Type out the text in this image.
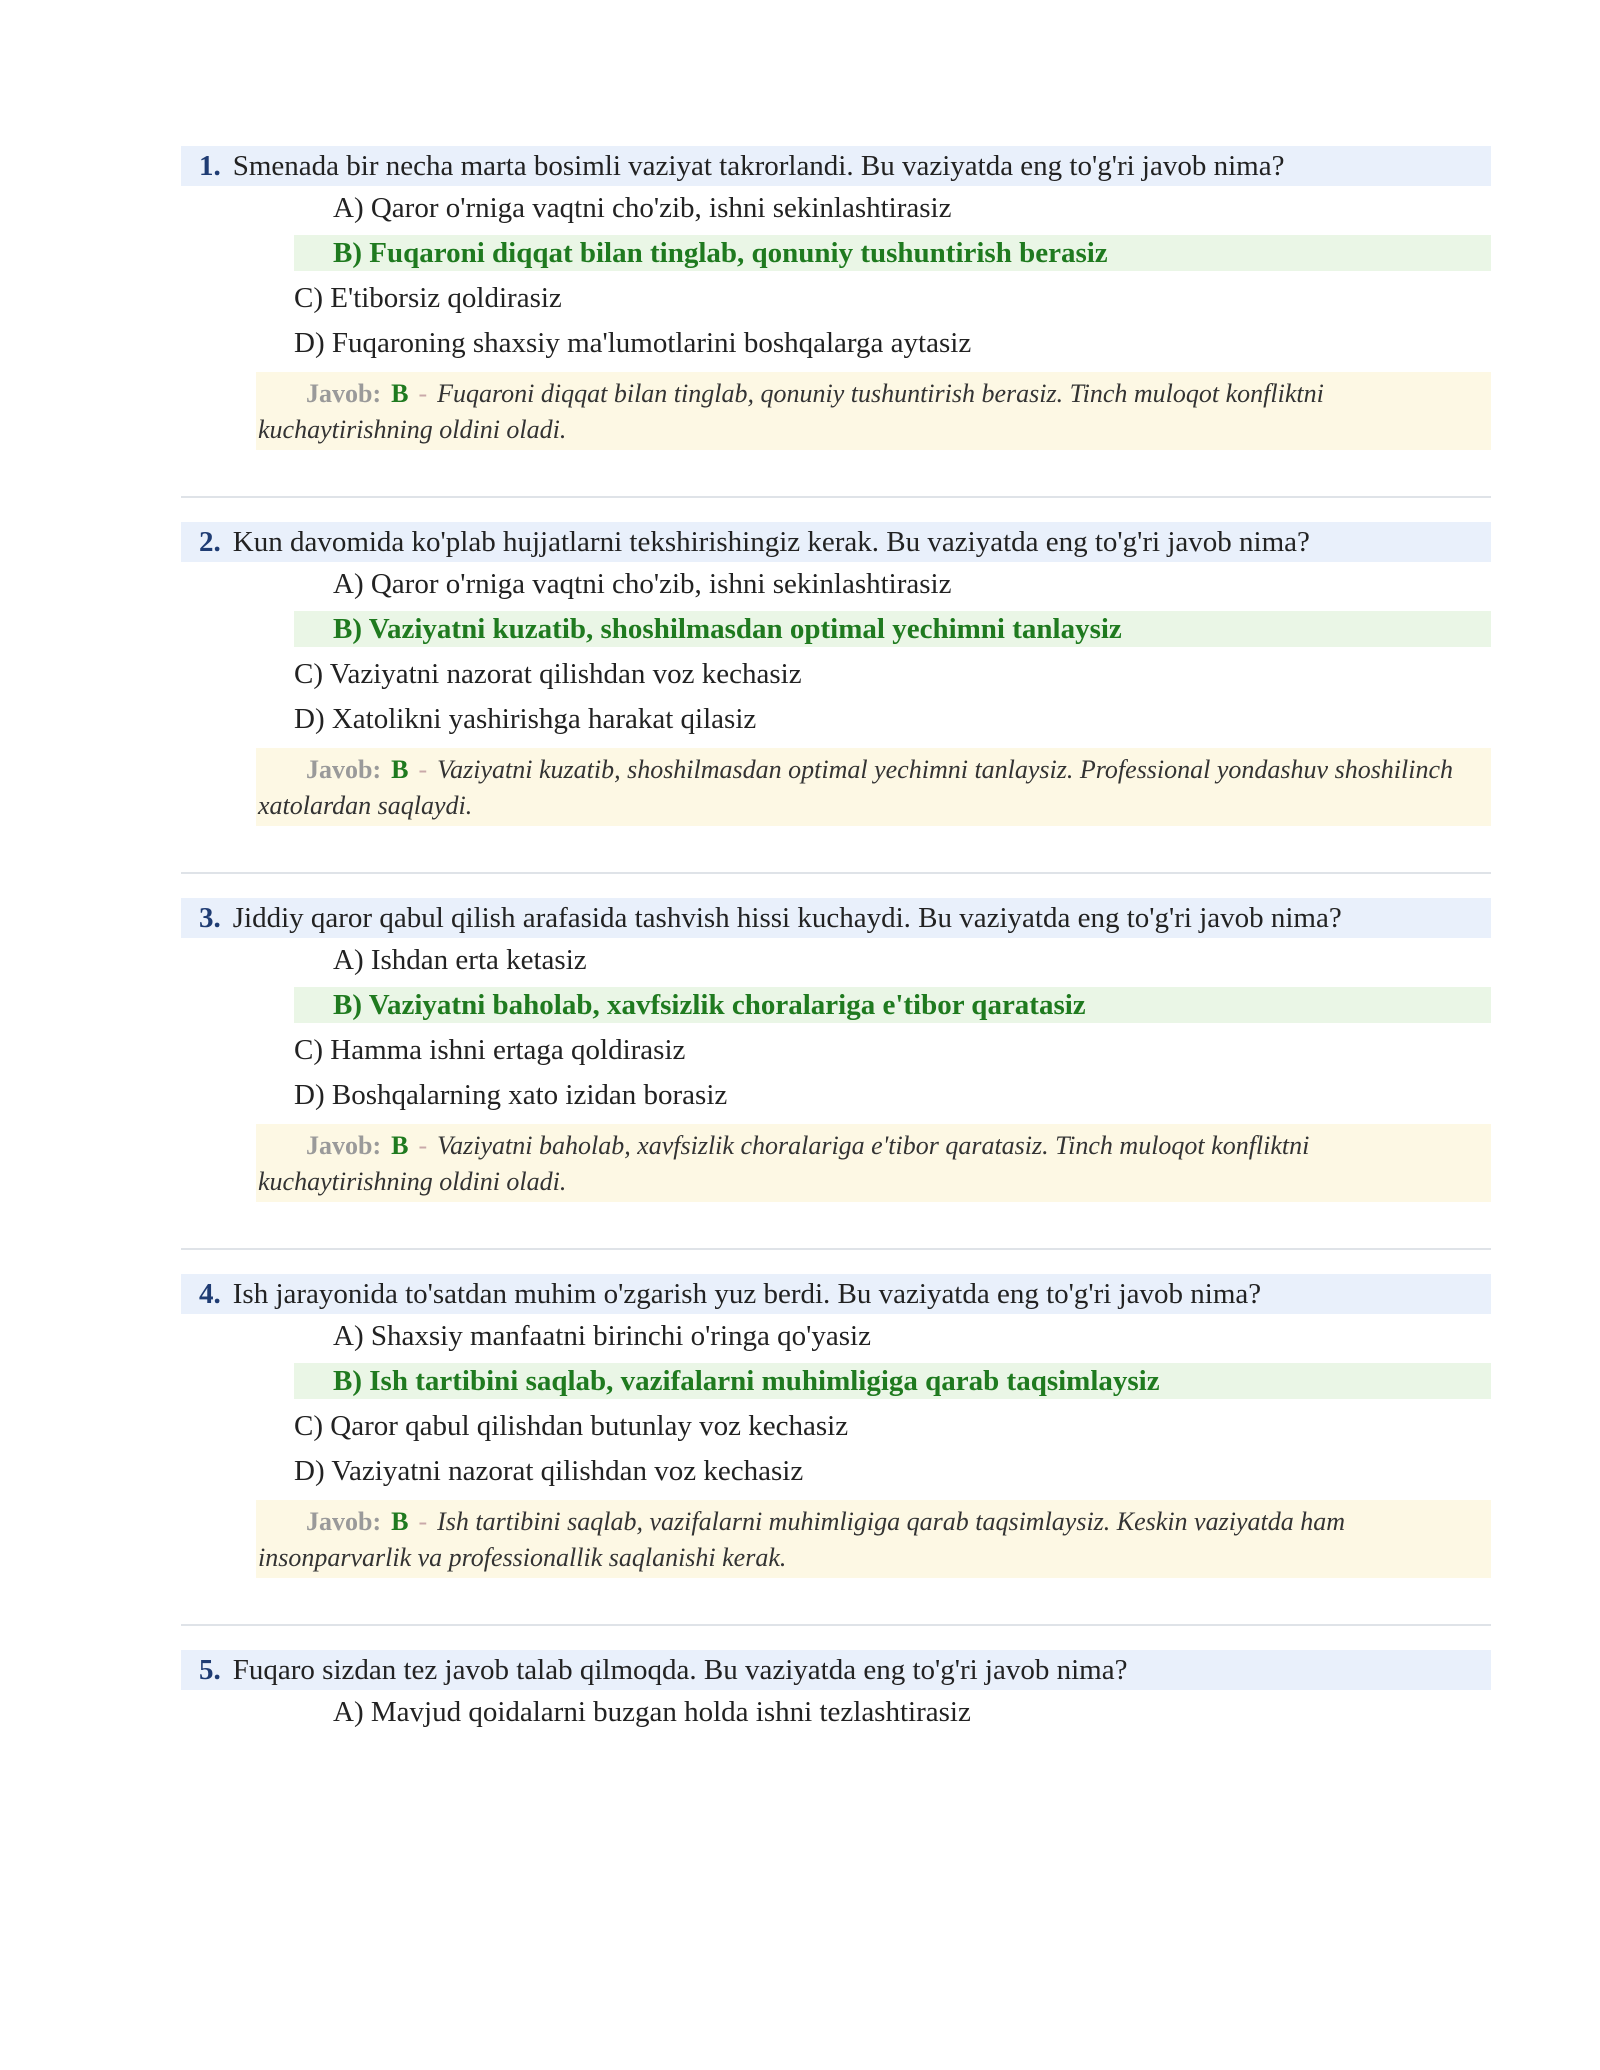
1. Smenada bir necha marta bosimli vaziyat takrorlandi. Bu vaziyatda eng to'g'ri javob nima?
A) Qaror o'rniga vaqtni cho'zib, ishni sekinlashtirasiz
B) Fuqaroni diqqat bilan tinglab, qonuniy tushuntirish berasiz
C) E'tiborsiz qoldirasiz
D) Fuqaroning shaxsiy ma'lumotlarini boshqalarga aytasiz
Javob: B - Fuqaroni diqqat bilan tinglab, qonuniy tushuntirish berasiz. Tinch muloqot konfliktni kuchaytirishning oldini oladi.
2. Kun davomida ko'plab hujjatlarni tekshirishingiz kerak. Bu vaziyatda eng to'g'ri javob nima?
A) Qaror o'rniga vaqtni cho'zib, ishni sekinlashtirasiz
B) Vaziyatni kuzatib, shoshilmasdan optimal yechimni tanlaysiz
C) Vaziyatni nazorat qilishdan voz kechasiz
D) Xatolikni yashirishga harakat qilasiz
Javob: B - Vaziyatni kuzatib, shoshilmasdan optimal yechimni tanlaysiz. Professional yondashuv shoshilinch xatolardan saqlaydi.
3. Jiddiy qaror qabul qilish arafasida tashvish hissi kuchaydi. Bu vaziyatda eng to'g'ri javob nima?
A) Ishdan erta ketasiz
B) Vaziyatni baholab, xavfsizlik choralariga e'tibor qaratasiz
C) Hamma ishni ertaga qoldirasiz
D) Boshqalarning xato izidan borasiz
Javob: B - Vaziyatni baholab, xavfsizlik choralariga e'tibor qaratasiz. Tinch muloqot konfliktni kuchaytirishning oldini oladi.
4. Ish jarayonida to'satdan muhim o'zgarish yuz berdi. Bu vaziyatda eng to'g'ri javob nima?
A) Shaxsiy manfaatni birinchi o'ringa qo'yasiz
B) Ish tartibini saqlab, vazifalarni muhimligiga qarab taqsimlaysiz
C) Qaror qabul qilishdan butunlay voz kechasiz
D) Vaziyatni nazorat qilishdan voz kechasiz
Javob: B - Ish tartibini saqlab, vazifalarni muhimligiga qarab taqsimlaysiz. Keskin vaziyatda ham insonparvarlik va professionallik saqlanishi kerak.
5. Fuqaro sizdan tez javob talab qilmoqda. Bu vaziyatda eng to'g'ri javob nima?
A) Mavjud qoidalarni buzgan holda ishni tezlashtirasiz
